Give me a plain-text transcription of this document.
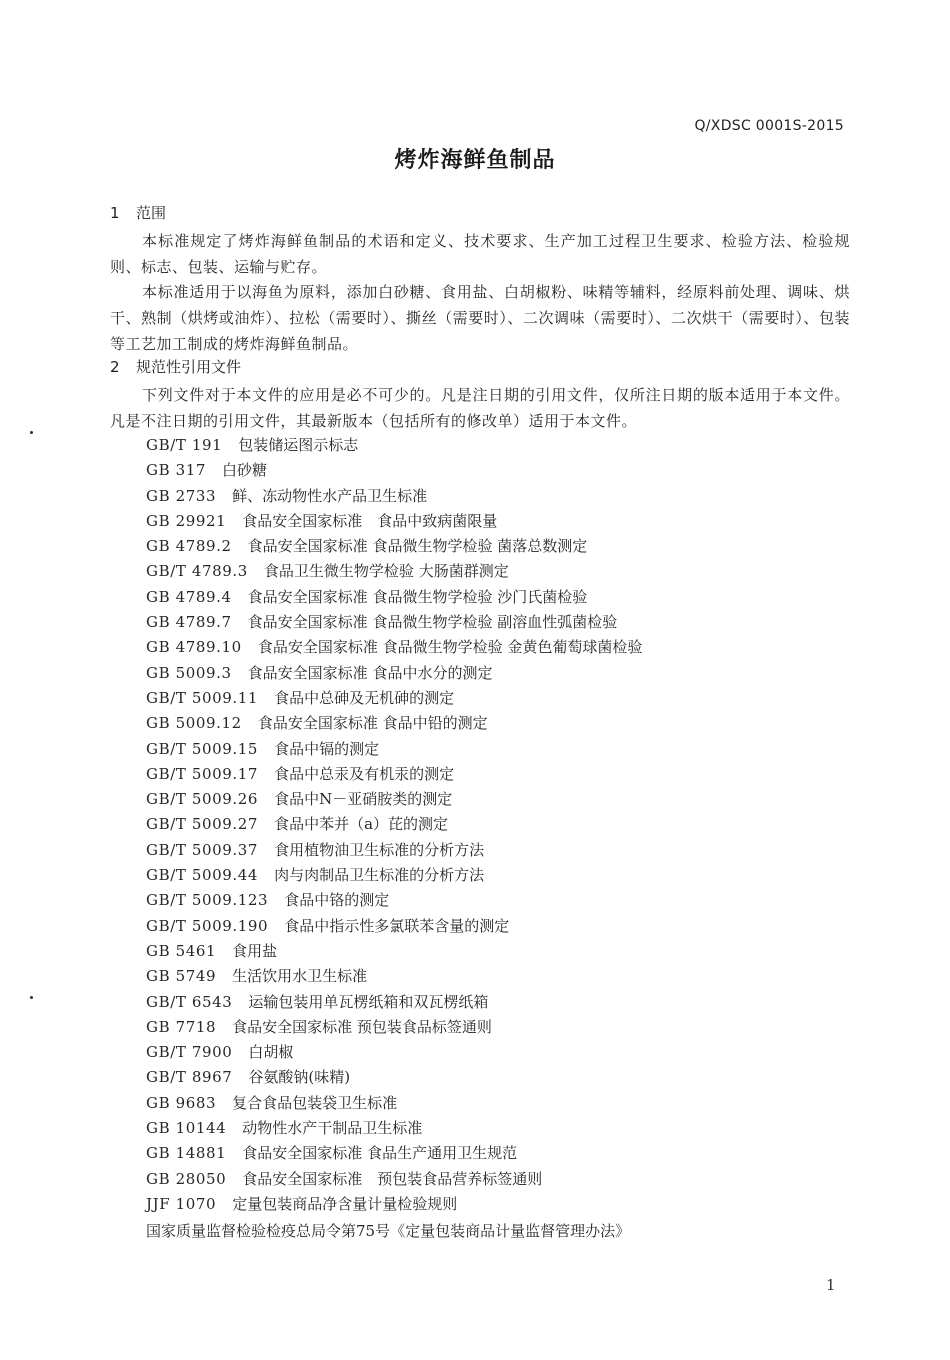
Q/XDSC 0001S-2015
烤炸海鲜鱼制品
1 范围
本标准规定了烤炸海鲜鱼制品的术语和定义、技术要求、生产加工过程卫生要求、检验方法、检验规则、标志、包装、运输与贮存。
本标准适用于以海鱼为原料，添加白砂糖、食用盐、白胡椒粉、味精等辅料，经原料前处理、调味、烘干、熟制（烘烤或油炸）、拉松（需要时）、撕丝（需要时）、二次调味（需要时）、二次烘干（需要时）、包装等工艺加工制成的烤炸海鲜鱼制品。
2 规范性引用文件
下列文件对于本文件的应用是必不可少的。凡是注日期的引用文件，仅所注日期的版本适用于本文件。凡是不注日期的引用文件，其最新版本（包括所有的修改单）适用于本文件。
GB/T 191 包装储运图示标志
GB 317 白砂糖
GB 2733 鲜、冻动物性水产品卫生标准
GB 29921 食品安全国家标准　食品中致病菌限量
GB 4789.2 食品安全国家标准 食品微生物学检验 菌落总数测定
GB/T 4789.3 食品卫生微生物学检验 大肠菌群测定
GB 4789.4 食品安全国家标准 食品微生物学检验 沙门氏菌检验
GB 4789.7 食品安全国家标准 食品微生物学检验 副溶血性弧菌检验
GB 4789.10 食品安全国家标准 食品微生物学检验 金黄色葡萄球菌检验
GB 5009.3 食品安全国家标准 食品中水分的测定
GB/T 5009.11 食品中总砷及无机砷的测定
GB 5009.12 食品安全国家标准 食品中铅的测定
GB/T 5009.15 食品中镉的测定
GB/T 5009.17 食品中总汞及有机汞的测定
GB/T 5009.26 食品中N－亚硝胺类的测定
GB/T 5009.27 食品中苯并（a）芘的测定
GB/T 5009.37 食用植物油卫生标准的分析方法
GB/T 5009.44 肉与肉制品卫生标准的分析方法
GB/T 5009.123 食品中铬的测定
GB/T 5009.190 食品中指示性多氯联苯含量的测定
GB 5461 食用盐
GB 5749 生活饮用水卫生标准
GB/T 6543 运输包装用单瓦楞纸箱和双瓦楞纸箱
GB 7718 食品安全国家标准 预包装食品标签通则
GB/T 7900 白胡椒
GB/T 8967 谷氨酸钠(味精)
GB 9683 复合食品包装袋卫生标准
GB 10144 动物性水产干制品卫生标准
GB 14881 食品安全国家标准 食品生产通用卫生规范
GB 28050 食品安全国家标准　预包装食品营养标签通则
JJF 1070 定量包装商品净含量计量检验规则
国家质量监督检验检疫总局令第75号《定量包装商品计量监督管理办法》
1
